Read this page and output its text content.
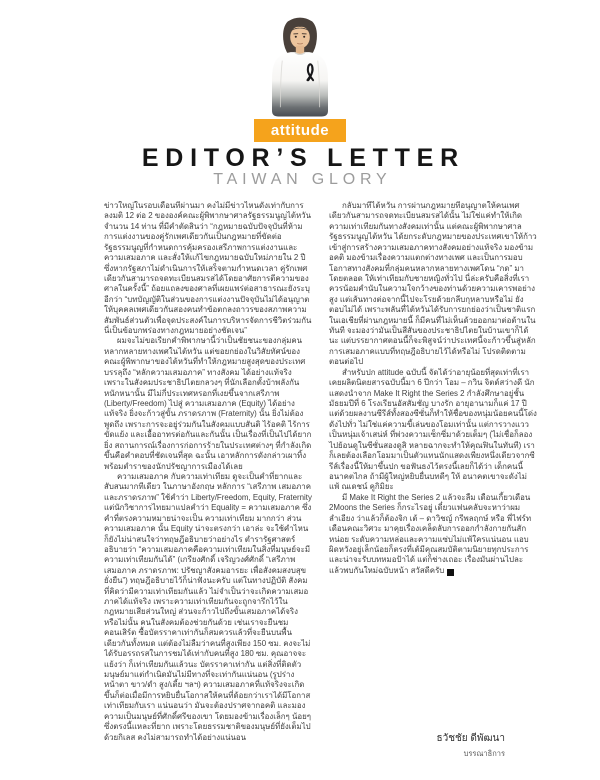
attitude
EDITOR’S LETTER
TAIWAN GLORY

ข่าวใหญ่ในรอบเดือนที่ผ่านมา คงไม่มีข่าวไหนดังเท่ากับการลงมติ 12 ต่อ 2 ขององค์คณะผู้พิพากษาศาลรัฐธรรมนูญไต้หวัน จำนวน 14 ท่าน ที่มีคำตัดสินว่า “กฎหมายฉบับปัจจุบันที่ห้ามการแต่งงานของคู่รักเพศเดียวกันเป็นกฎหมายที่ขัดต่อรัฐธรรมนูญที่กำหนดการคุ้มครองเสรีภาพการแต่งงานและความเสมอภาค และสั่งให้แก้ไขกฎหมายฉบับใหม่ภายใน 2 ปี ซึ่งหากรัฐสภาไม่ดำเนินการให้เสร็จตามกำหนดเวลา คู่รักเพศเดียวกันสามารถจดทะเบียนสมรสได้โดยอาศัยการตีความของศาลในครั้งนี้” ถ้อยแถลงของศาลที่เผยแพร่ต่อสาธารณะยังระบุอีกว่า “บทบัญญัติในส่วนของการแต่งงานปัจจุบันไม่ได้อนุญาตให้บุคคลเพศเดียวกันสองคนทำข้อตกลงถาวรของสภาพความสัมพันธ์ส่วนตัวเพื่อจุดประสงค์ในการบริหารจัดการชีวิตร่วมกัน นี่เป็นข้อบกพร่องทางกฎหมายอย่างชัดเจน”

ผมจะไม่ขอเรียกคำพิพากษานี้ว่าเป็นชัยชนะของกลุ่มคนหลากหลายทางเพศในไต้หวัน แต่ขอยกย่องในวิสัยทัศน์ของคณะผู้พิพากษาของไต้หวันที่ทำให้กฎหมายสูงสุดของประเทศ บรรลุถึง “หลักความเสมอภาค” ทางสังคม ได้อย่างแท้จริง เพราะในสังคมประชาธิปไตยกลวงๆ ที่นักเลือกตั้งบ้าพลังกันหนักหนานั้น มีไม่กี่ประเทศหรอกที่เงยขึ้นจากเสรีภาพ (Liberty/Freedom) ไปสู่ ความเสมอภาค (Equity) ได้อย่างแท้จริง ยิ่งจะก้าวสู่ขั้น ภราดรภาพ (Fraternity) นั้น ยิ่งไม่ต้องพูดถึง เพราะการจะอยู่ร่วมกันในสังคมแบบสันติ ไร้อคติ ไร้การขัดแย้ง และเอื้ออาทรต่อกันและกันนั้น เป็นเรื่องที่เป็นไปได้ยากยิ่ง สถานการณ์เรื่องการก่อการร้ายในประเทศต่างๆ ที่กำลังเกิดขึ้นคือคำตอบที่ชัดเจนที่สุด ฉะนั้น เอาหลักการดังกล่าวเผาทิ้งพร้อมตำราของนักปรัชญาการเมืองได้เลย

ความเสมอภาค กับความเท่าเทียม ดูจะเป็นคำที่ยากและสับสนมากทีเดียว ในภาษาอังกฤษ หลักการ “เสรีภาพ เสมอภาค และภราดรภาพ” ใช้คำว่า Liberty/Freedom, Equity, Fraternity แต่นักวิชาการไทยมาแปลคำว่า Equality = ความเสมอภาค ซึ่งคำที่ตรงความหมายน่าจะเป็น ความเท่าเทียม มากกว่า ส่วนความเสมอภาค นั้น Equity น่าจะตรงกว่า เอาล่ะ จะใช้คำไหนก็ยังไม่น่าสนใจว่าทฤษฎีอธิบายว่าอย่างไร ตำรารัฐศาสตร์อธิบายว่า “ความเสมอภาคคือความเท่าเทียมในสิ่งที่มนุษย์จะมีความเท่าเทียมกันได้” (เกรียงศักดิ์ เจริญวงศ์ศักดิ์ “เสรีภาพ เสมอภาค ภราดรภาพ: ปรัชญาสังคมอารยะ เพื่อสังคมสงบสุขยั่งยืน”) ทฤษฎีอธิบายไว้ก็น่าฟังนะครับ แต่ในทางปฏิบัติ สังคมที่คิดว่ามีความเท่าเทียมกันแล้ว ไม่จำเป็นว่าจะเกิดความเสมอภาคได้แท้จริง เพราะความเท่าเทียมกันจะถูกจารึกไว้ในกฎหมายเสียส่วนใหญ่ ส่วนจะก้าวไปถึงขั้นเสมอภาคได้จริงหรือไม่นั้น คนในสังคมต้องช่วยกันด้วย เช่นเราจะยืนชมคอนเสิร์ต ซื้อบัตรราคาเท่ากันก็สมควรแล้วที่จะยืนบนพื้นเดียวกันทั้งหมด แต่ต้องไม่ลืมว่าคนที่สูงเพียง 150 ซม. คงจะไม่ได้รับอรรถรสในการชมได้เท่ากับคนที่สูง 180 ซม. คุณอาจจะแย้งว่า ก็เท่าเทียมกันแล้วนะ บัตรราคาเท่ากัน แต่สิ่งที่ติดตัวมนุษย์มาแต่กำเนิดมันไม่มีทางที่จะเท่ากันแน่นอน (รูปร่าง หน้าตา ขาว/ดำ สูง/เตี้ย ฯลฯ) ความเสมอภาคที่แท้จริงจะเกิดขึ้นก็ต่อเมื่อมีการหยิบยื่นโอกาสให้คนที่ด้อยกว่าเราได้มีโอกาสเท่าเทียมกับเรา แน่นอนว่า มันจะต้องปราศจากอคติ และมองความเป็นมนุษย์ที่ศักดิ์ศรีของเขา โดยมองข้ามเรื่องเล็กๆ น้อยๆ ซึ่งตรงนี้แหละที่ยาก เพราะโดยธรรมชาติของมนุษย์ที่ยังเต็มไปด้วยกิเลส คงไม่สามารถทำได้อย่างแน่นอน

กลับมาที่ไต้หวัน การผ่านกฎหมายที่อนุญาตให้คนเพศเดียวกันสามารถจดทะเบียนสมรสได้นั้น ไม่ใช่แค่ทำให้เกิดความเท่าเทียมกันทางสังคมเท่านั้น แต่คณะผู้พิพากษาศาลรัฐธรรมนูญไต้หวัน ได้ยกระดับกฎหมายของประเทศเขาให้ก้าวเข้าสู่การสร้างความเสมอภาคทางสังคมอย่างแท้จริง มองข้ามอคติ มองข้ามเรื่องความแตกต่างทางเพศ และเป็นการมอบโอกาสทางสังคมที่กลุ่มคนหลากหลายทางเพศโดน “กด” มาโดยตลอด ให้เท่าเทียมกับชายหญิงทั่วไป นี่ล่ะครับคือสิ่งที่เราควรน้อมคำนับในความใจกว้างของท่านด้วยความเคารพอย่างสูง แต่เส้นทางต่อจากนี้ไปจะโรยด้วยกลีบกุหลาบหรือไม่ ยังตอบไม่ได้ เพราะพลันที่ไต้หวันได้รับการยกย่องว่าเป็นชาติแรกในเอเชียที่ผ่านกฎหมายนี้ ก็มีคนที่ไม่เห็นด้วยออกมาต่อต้านในทันที จะมองว่ามันเป็นสีสันของประชาธิปไตยในบ้านเขาก็ได้นะ แต่บรรยากาศตอนนี้ก็จะพิสูจน์ว่าประเทศนี้จะก้าวขึ้นสู่หลักการเสมอภาคแบบที่ทฤษฎีอธิบายไว้ได้หรือไม่ โปรดติดตามตอนต่อไป

สำหรับปก attitude ฉบับนี้ จัดได้ว่าอายุน้อยที่สุดเท่าที่เราเคยผลิตนิตยสารฉบับนี้มา 6 ปีกว่า โอม – กวิน จิตต์สว่างดี นักแสดงนำจาก Make It Right the Series 2 กำลังศึกษาอยู่ชั้นมัธยมปีที่ 6 โรงเรียนอัสสัมชัญ บางรัก อายุอานามก็แค่ 17 ปี แต่ด้วยผลงานซีรีส์ทั้งสองซีซั่นก็ทำให้ชื่อของหนุ่มน้อยคนนี้โด่งดังไปทั่ว ไม่ใช่แค่ความขี้เล่นของโอมเท่านั้น แต่การวางแววเป็นหนุ่มเจ้าเสน่ห์ ที่พ่วงความเซ็กซี่มาด้วยเต็มๆ (ไม่เชื่อก็ลองไปย้อนดูในซีซั่นสองดูสิ หลายฉากจะทำให้คุณฟินในทันที) เราก็เลยต้องเลือกโอมมาเป็นตัวแทนนักแสดงเพียงหนึ่งเดียวจากซีรีส์เรื่องนี้ให้มาขึ้นปก ขอฟันธงไว้ตรงนี้เลยก็ได้ว่า เด็กคนนี้อนาคตไกล ถ้ามีผู้ใหญ่หยิบยื่นบทดีๆ ให้ อนาคตเขาจะดังไม่แพ้ ณเดชน์ คูกิมิยะ

มี Make It Right the Series 2 แล้วจะลืม เดือนเกี้ยวเดือน 2Moons the Series ก็กระไรอยู่ เดี๋ยวแฟนคลับจะหาว่าผมลำเอียง ว่าแล้วก็ต้องจิก เต้ – ดาวิชญ์ กรีพลฤกษ์ หรือ พี่ไฟร์ท เดือนคณะวิศวะ มาคุยเรื่องเคล็ดลับการออกกำลังกายกันสักหน่อย ระดับความหล่อและความแซ่บไม่แพ้ใครแน่นอน แอบผิดหวังอยู่เล็กน้อยก็ตรงที่เต้มีคุณสมบัติตามนิยายทุกประการ และน่าจะรับบทหมอป้าได้ แต่ก็ช่างเถอะ เรื่องมันผ่านไปละ แล้วพบกันใหม่ฉบับหน้า สวัสดีครับ	a

ธวัชชัย ดีพัฒนา
บรรณาธิการ
